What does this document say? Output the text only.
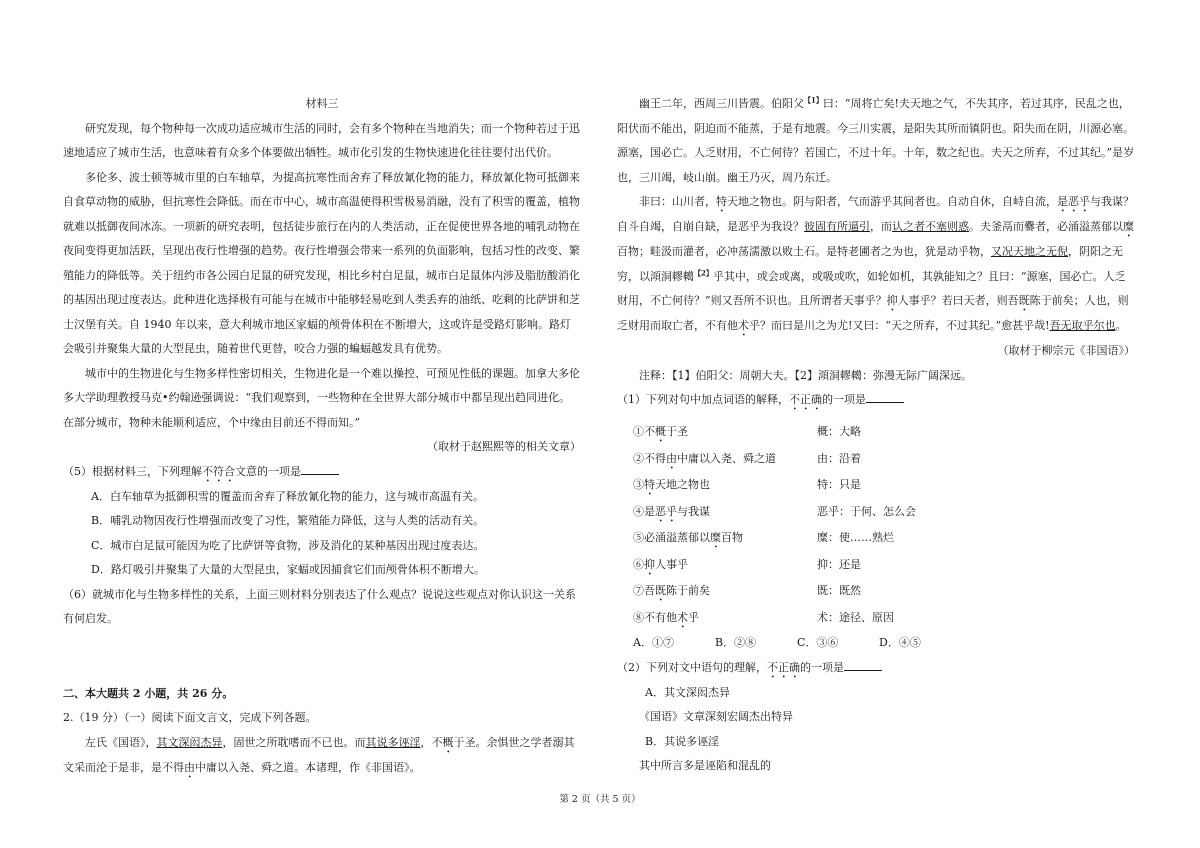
材料三

研究发现，每个物种每一次成功适应城市生活的同时，会有多个物种在当地消失；而一个物种若过于迅速地适应了城市生活，也意味着有众多个体要做出牺牲。城市化引发的生物快速进化往往要付出代价。

多伦多、波士顿等城市里的白车轴草，为提高抗寒性而舍弃了释放氰化物的能力，释放氰化物可抵御来自食草动物的威胁，但抗寒性会降低。而在市中心，城市高温使得积雪极易消融，没有了积雪的覆盖，植物就难以抵御夜间冰冻。一项新的研究表明，包括徒步旅行在内的人类活动，正在促使世界各地的哺乳动物在夜间变得更加活跃，呈现出夜行性增强的趋势。夜行性增强会带来一系列的负面影响，包括习性的改变、繁殖能力的降低等。关于纽约市各公园白足鼠的研究发现，相比乡村白足鼠，城市白足鼠体内涉及脂肪酸消化的基因出现过度表达。此种进化选择极有可能与在城市中能够轻易吃到人类丢弃的油纸、吃剩的比萨饼和芝士汉堡有关。自 1940 年以来，意大利城市地区家蝠的颅骨体积在不断增大，这或许是受路灯影响。路灯会吸引并聚集大量的大型昆虫，随着世代更替，咬合力强的蝙蝠越发具有优势。

城市中的生物进化与生物多样性密切相关，生物进化是一个难以操控、可预见性低的课题。加拿大多伦多大学助理教授马克•约翰逊强调说：“我们观察到，一些物种在全世界大部分城市中都呈现出趋同进化。在部分城市，物种未能顺利适应，个中缘由目前还不得而知。”

（取材于赵熙熙等的相关文章）

（5）根据材料三，下列理解不符合文意的一项是

A．白车轴草为抵御积雪的覆盖而舍弃了释放氰化物的能力，这与城市高温有关。

B．哺乳动物因夜行性增强而改变了习性，繁殖能力降低，这与人类的活动有关。

C．城市白足鼠可能因为吃了比萨饼等食物，涉及消化的某种基因出现过度表达。

D．路灯吸引并聚集了大量的大型昆虫，家蝠或因捕食它们而颅骨体积不断增大。

（6）就城市化与生物多样性的关系，上面三则材料分别表达了什么观点？说说这些观点对你认识这一关系有何启发。

二、本大题共 2 小题，共 26 分。

2.（19 分）（一）阅读下面文言文，完成下列各题。

左氏《国语》，其文深闳杰异，固世之所耽嗜而不已也。而其说多诬淫，不概于圣。余惧世之学者溺其文采而沦于是非，是不得由中庸以入尧、舜之道。本诸理，作《非国语》。

幽王二年，西周三川皆震。伯阳父$^{【1】}$曰：“周将亡矣!夫天地之气，不失其序，若过其序，民乱之也，阳伏而不能出，阴迫而不能蒸，于是有地震。今三川实震，是阳失其所而镇阴也。阳失而在阴，川源必塞。源塞，国必亡。人乏财用，不亡何待？若国亡，不过十年。十年，数之纪也。夫天之所弃，不过其纪。”是岁也，三川竭，岐山崩。幽王乃灭，周乃东迁。

非曰：山川者，特天地之物也。阴与阳者，气而游乎其间者也。自动自休，自峙自流，是恶乎与我谋？自斗自竭，自崩自缺，是恶乎为我设？彼固有所逼引，而认之者不塞则惑。夫釜鬲而爨者，必涌溢蒸郁以糜百物；畦汲而灌者，必冲荡濡激以败土石。是特老圃者之为也，犹是动乎物，又况天地之无倪，阴阳之无穷，以澒洞轇轕$^{【2】}$乎其中，或会或离，或吸或吹，如轮如机，其孰能知之？且曰：“源塞，国必亡。人乏财用，不亡何待？”则又吾所不识也。且所谓者天事乎？抑人事乎？若曰天者，则吾既陈于前矣；人也，则乏财用而取亡者，不有他术乎？而曰是川之为尤!又曰：“天之所弃，不过其纪。”愈甚乎哉!吾无取乎尔也。

（取材于柳宗元《非国语》）

注释：【1】伯阳父：周朝大夫。【2】澒洞轇轕：弥漫无际广阔深远。

（1）下列对句中加点词语的解释，不正确的一项是

①不概于圣	概：大略
②不得由中庸以入尧、舜之道	由：沿着
③特天地之物也	特：只是
④是恶乎与我谋	恶乎：于何、怎么会
⑤必涌溢蒸郁以糜百物	糜：使……熟烂
⑥抑人事乎	抑：还是
⑦吾既陈于前矣	既：既然
⑧不有他术乎	术：途径、原因
A．①⑦	B．②⑧	C．③⑥	D．④⑤

（2）下列对文中语句的理解，不正确的一项是

A．其文深闳杰异

《国语》文章深刻宏阔杰出特异

B．其说多诬淫

其中所言多是诬陷和混乱的

第 2 页（共 5 页）
